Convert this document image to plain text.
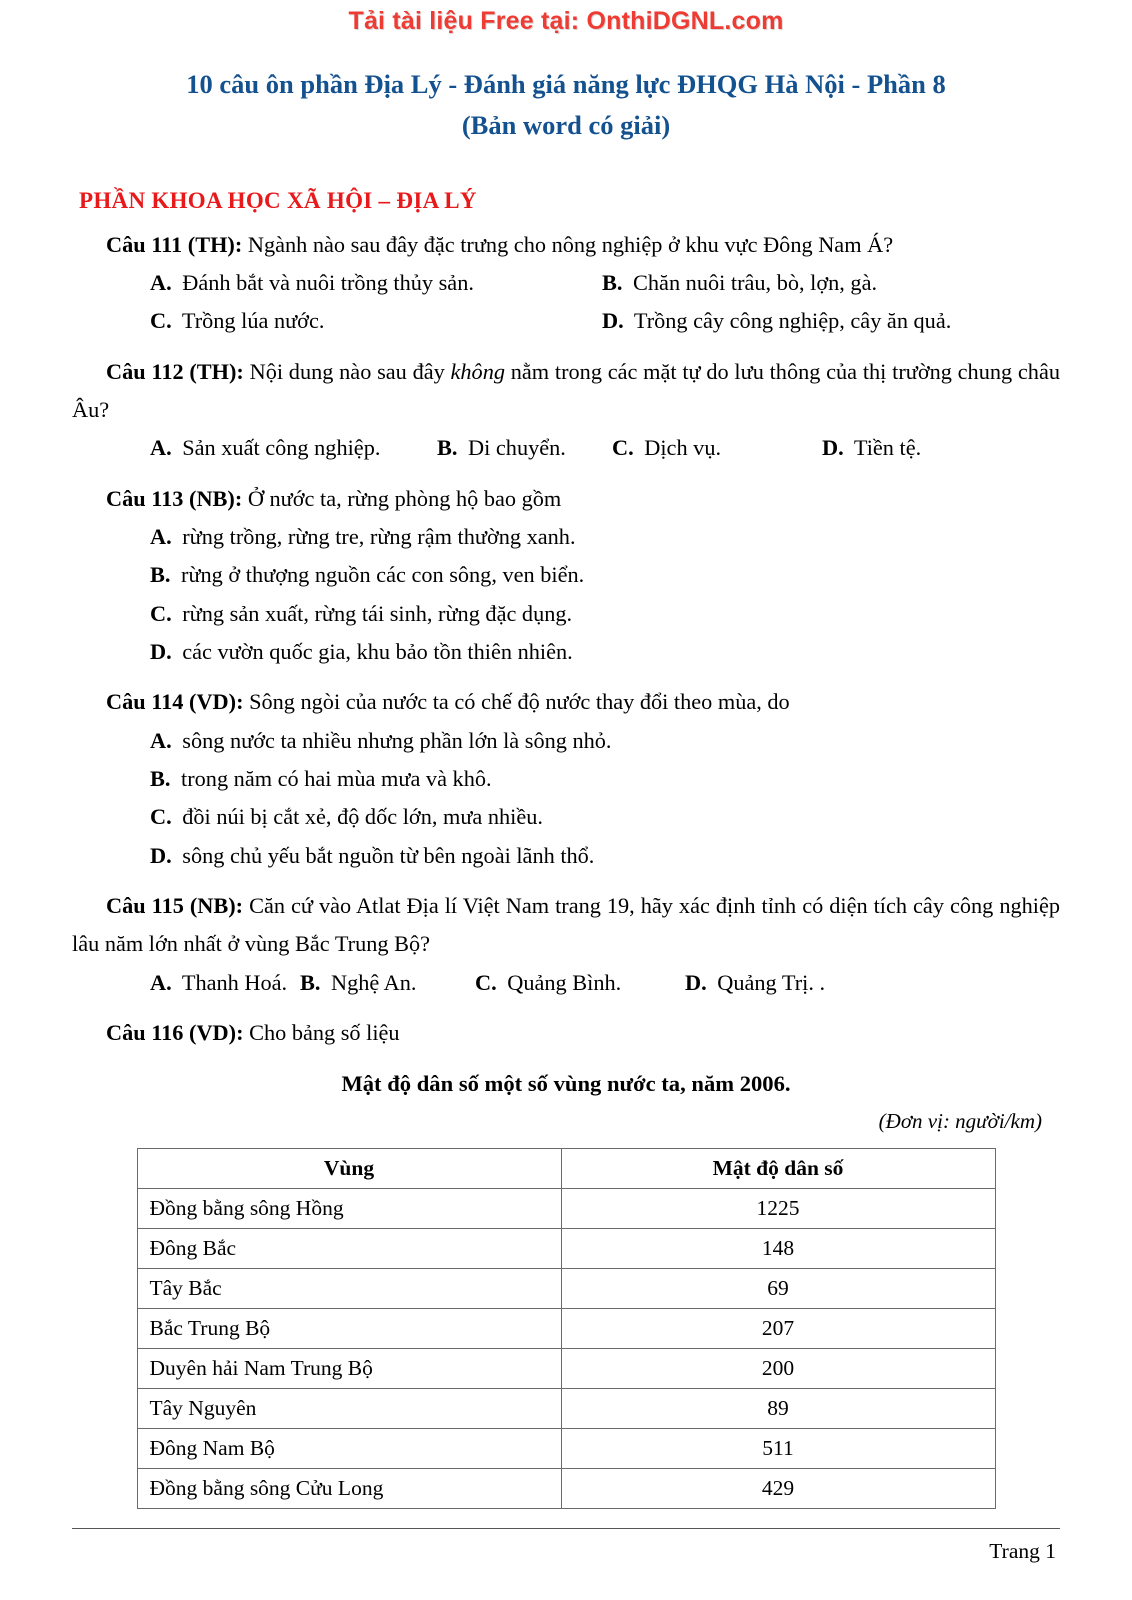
Tải tài liệu Free tại: OnthiDGNL.com
10 câu ôn phần Địa Lý - Đánh giá năng lực ĐHQG Hà Nội - Phần 8
(Bản word có giải)
PHẦN KHOA HỌC XÃ HỘI – ĐỊA LÝ
Câu 111 (TH): Ngành nào sau đây đặc trưng cho nông nghiệp ở khu vực Đông Nam Á?
A. Đánh bắt và nuôi trồng thủy sản.	B. Chăn nuôi trâu, bò, lợn, gà.
C. Trồng lúa nước.	D. Trồng cây công nghiệp, cây ăn quả.
Câu 112 (TH): Nội dung nào sau đây không nằm trong các mặt tự do lưu thông của thị trường chung châu Âu?
A. Sản xuất công nghiệp.	B. Di chuyển.	C. Dịch vụ.	D. Tiền tệ.
Câu 113 (NB): Ở nước ta, rừng phòng hộ bao gồm
A. rừng trồng, rừng tre, rừng rậm thường xanh.
B. rừng ở thượng nguồn các con sông, ven biển.
C. rừng sản xuất, rừng tái sinh, rừng đặc dụng.
D. các vườn quốc gia, khu bảo tồn thiên nhiên.
Câu 114 (VD): Sông ngòi của nước ta có chế độ nước thay đổi theo mùa, do
A. sông nước ta nhiều nhưng phần lớn là sông nhỏ.
B. trong năm có hai mùa mưa và khô.
C. đồi núi bị cắt xẻ, độ dốc lớn, mưa nhiều.
D. sông chủ yếu bắt nguồn từ bên ngoài lãnh thổ.
Câu 115 (NB): Căn cứ vào Atlat Địa lí Việt Nam trang 19, hãy xác định tỉnh có diện tích cây công nghiệp lâu năm lớn nhất ở vùng Bắc Trung Bộ?
A. Thanh Hoá. B. Nghệ An.	C. Quảng Bình.	D. Quảng Trị. .
Câu 116 (VD): Cho bảng số liệu
Mật độ dân số một số vùng nước ta, năm 2006.
(Đơn vị: người/km)
Vùng	Mật độ dân số
Đồng bằng sông Hồng	1225
Đông Bắc	148
Tây Bắc	69
Bắc Trung Bộ	207
Duyên hải Nam Trung Bộ	200
Tây Nguyên	89
Đông Nam Bộ	511
Đồng bằng sông Cửu Long	429
Trang 1
